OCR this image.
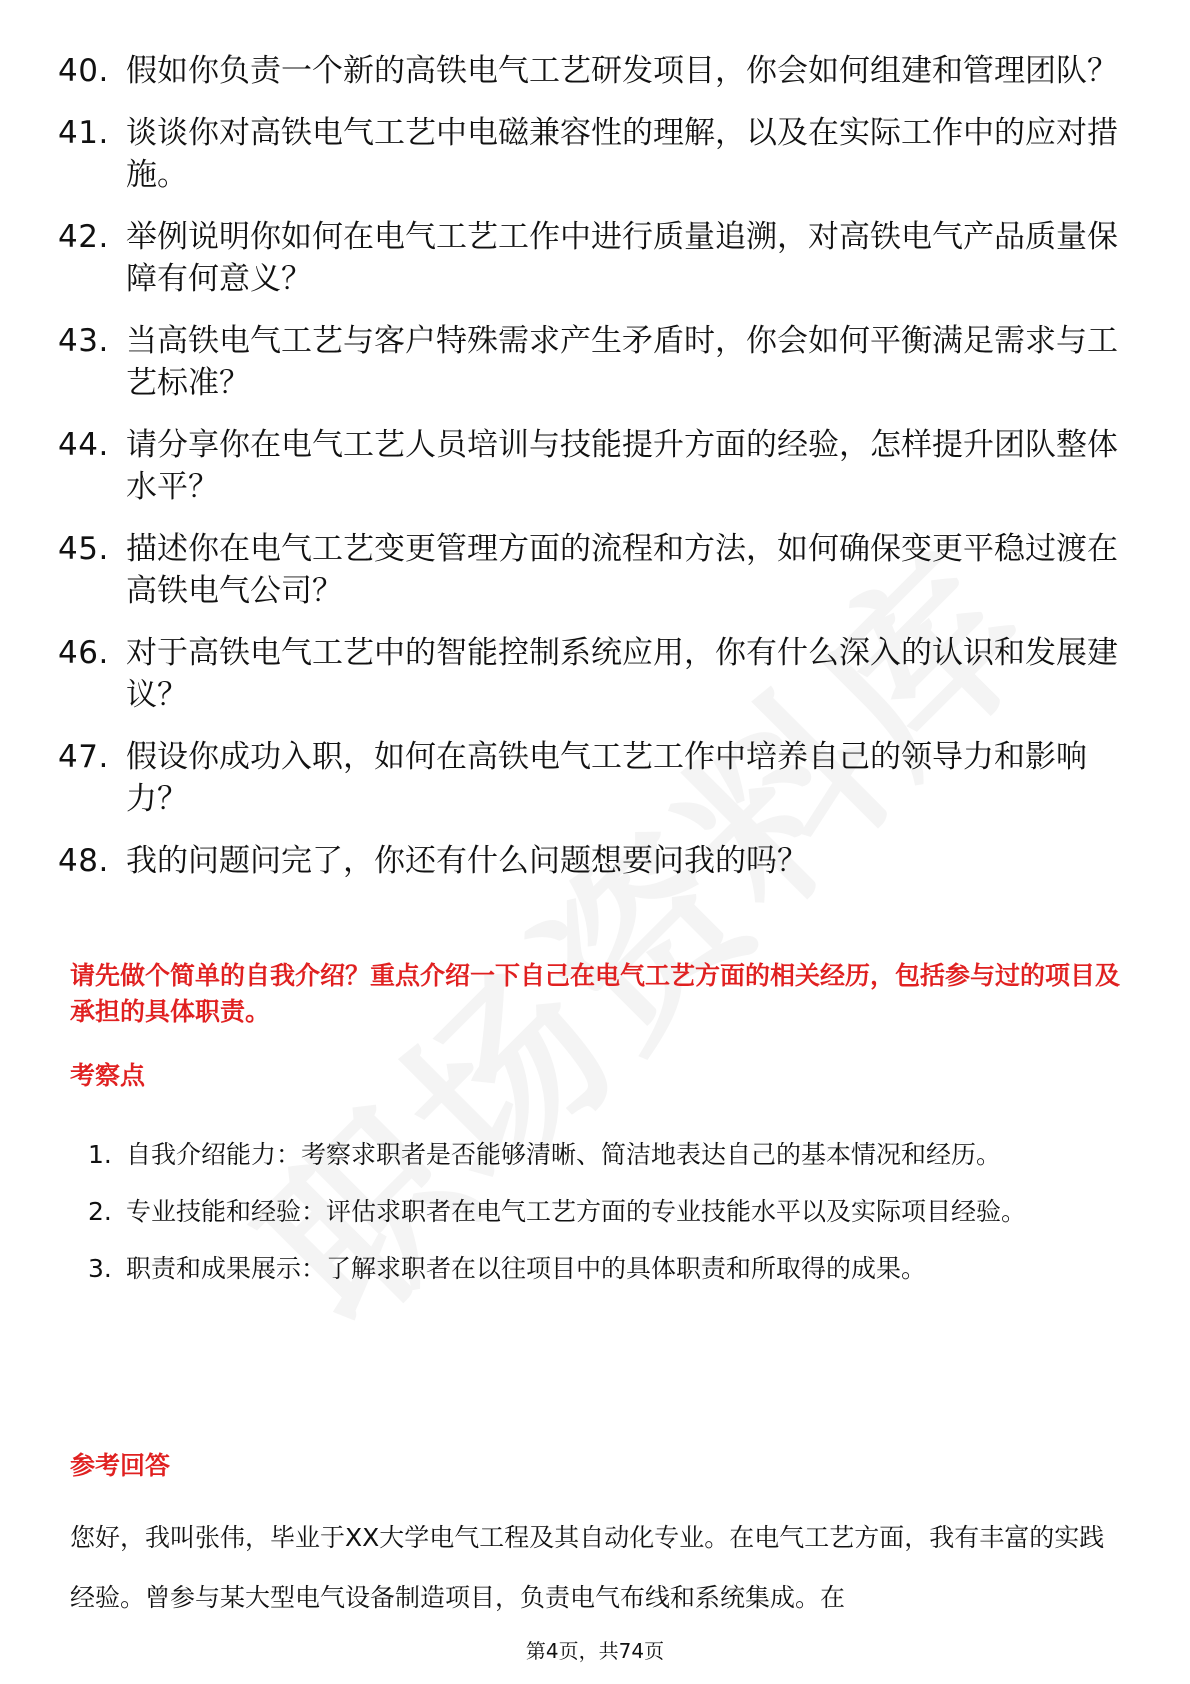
40. 假如你负责一个新的高铁电气工艺研发项目，你会如何组建和管理团队？
41. 谈谈你对高铁电气工艺中电磁兼容性的理解，以及在实际工作中的应对措施。
42. 举例说明你如何在电气工艺工作中进行质量追溯，对高铁电气产品质量保障有何意义？
43. 当高铁电气工艺与客户特殊需求产生矛盾时，你会如何平衡满足需求与工艺标准？
44. 请分享你在电气工艺人员培训与技能提升方面的经验，怎样提升团队整体水平？
45. 描述你在电气工艺变更管理方面的流程和方法，如何确保变更平稳过渡在高铁电气公司？
46. 对于高铁电气工艺中的智能控制系统应用，你有什么深入的认识和发展建议？
47. 假设你成功入职，如何在高铁电气工艺工作中培养自己的领导力和影响力？
48. 我的问题问完了，你还有什么问题想要问我的吗？
请先做个简单的自我介绍？重点介绍一下自己在电气工艺方面的相关经历，包括参与过的项目及承担的具体职责。
考察点
1. 自我介绍能力：考察求职者是否能够清晰、简洁地表达自己的基本情况和经历。
2. 专业技能和经验：评估求职者在电气工艺方面的专业技能水平以及实际项目经验。
3. 职责和成果展示：了解求职者在以往项目中的具体职责和所取得的成果。
参考回答
您好，我叫张伟，毕业于XX大学电气工程及其自动化专业。在电气工艺方面，我有丰富的实践经验。曾参与某大型电气设备制造项目，负责电气布线和系统集成。在
第4页，共74页
